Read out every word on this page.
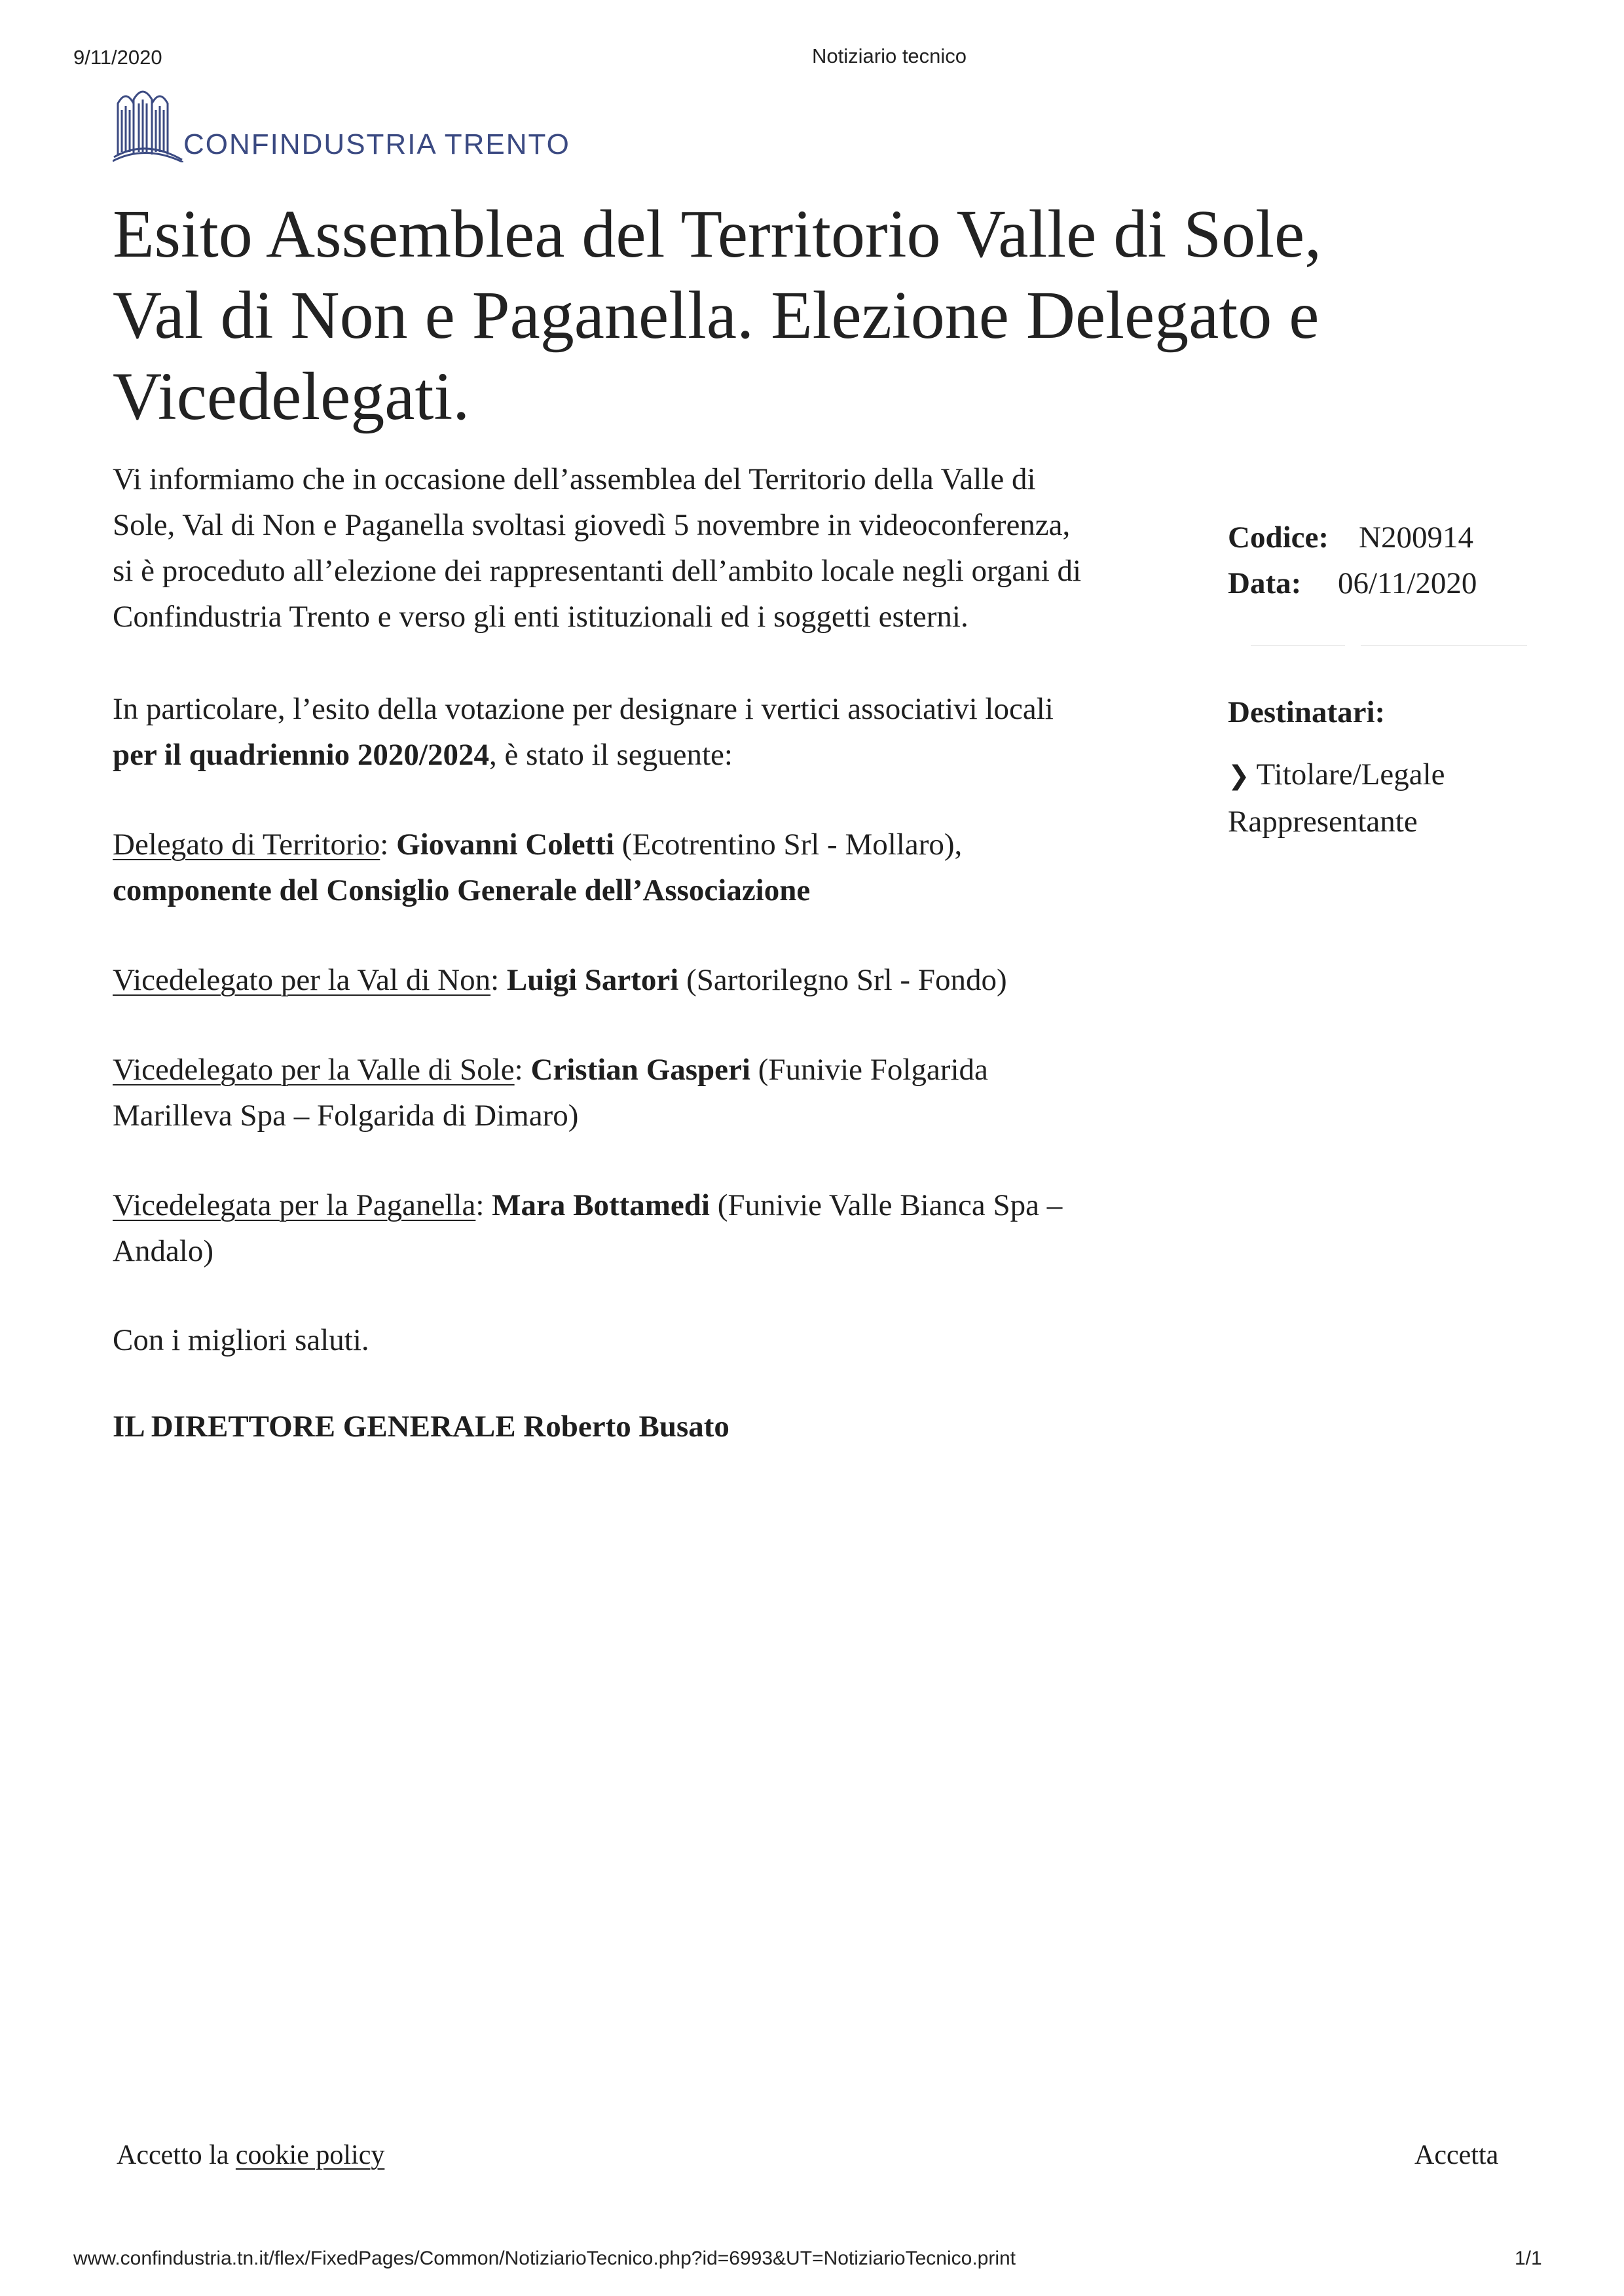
9/11/2020	Notiziario tecnico
CONFINDUSTRIA TRENTO
Esito Assemblea del Territorio Valle di Sole,
Val di Non e Paganella. Elezione Delegato e
Vicedelegati.
Vi informiamo che in occasione dell’assemblea del Territorio della Valle di
Sole, Val di Non e Paganella svoltasi giovedì 5 novembre in videoconferenza,
si è proceduto all’elezione dei rappresentanti dell’ambito locale negli organi di
Confindustria Trento e verso gli enti istituzionali ed i soggetti esterni.
In particolare, l’esito della votazione per designare i vertici associativi locali
per il quadriennio 2020/2024, è stato il seguente:
Delegato di Territorio: Giovanni Coletti (Ecotrentino Srl - Mollaro),
componente del Consiglio Generale dell’Associazione
Vicedelegato per la Val di Non: Luigi Sartori (Sartorilegno Srl - Fondo)
Vicedelegato per la Valle di Sole: Cristian Gasperi (Funivie Folgarida
Marilleva Spa – Folgarida di Dimaro)
Vicedelegata per la Paganella: Mara Bottamedi (Funivie Valle Bianca Spa –
Andalo)
Con i migliori saluti.
IL DIRETTORE GENERALE Roberto Busato
Codice: N200914
Data: 06/11/2020
Destinatari:
❯ Titolare/Legale
Rappresentante
Accetto la cookie policy	Accetta
www.confindustria.tn.it/flex/FixedPages/Common/NotiziarioTecnico.php?id=6993&UT=NotiziarioTecnico.print	1/1
